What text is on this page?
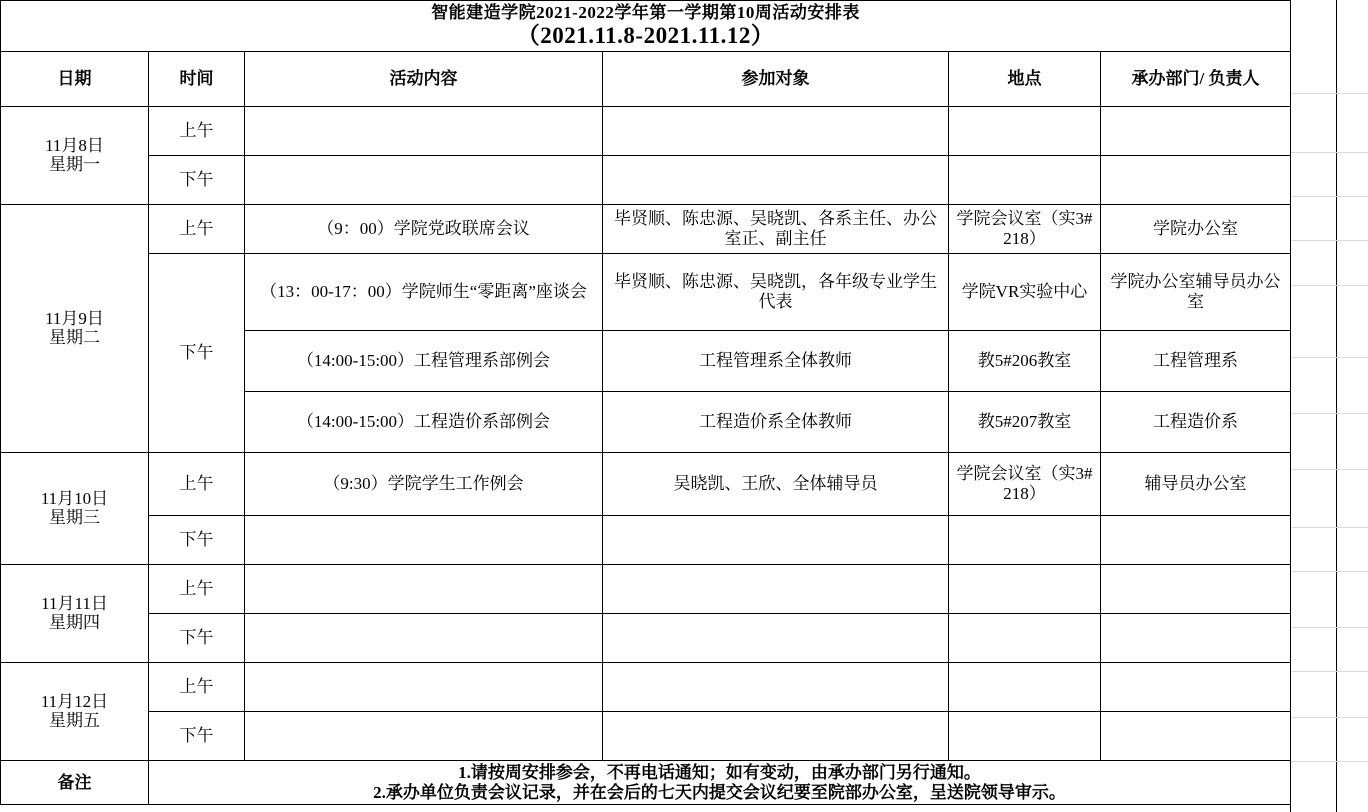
智能建造学院2021-2022学年第一学期第10周活动安排表
（2021.11.8-2021.11.12）					

日期	时间	活动内容	参加对象	地点	承办部门/ 负责人
11月8日
星期一	上午				
	下午				
11月9日
星期二	上午	（9：00）学院党政联席会议	毕贤顺、陈忠源、吴晓凯、各系主任、办公室正、副主任	学院会议室（实3#218）	学院办公室
	下午	（13：00-17：00）学院师生“零距离”座谈会	毕贤顺、陈忠源、吴晓凯，各年级专业学生代表	学院VR实验中心	学院办公室辅导员办公室
		（14:00-15:00）工程管理系部例会	工程管理系全体教师	教5#206教室	工程管理系
		（14:00-15:00）工程造价系部例会	工程造价系全体教师	教5#207教室	工程造价系
11月10日
星期三	上午	（9:30）学院学生工作例会	吴晓凯、王欣、全体辅导员	学院会议室（实3#218）	辅导员办公室
	下午				
11月11日
星期四	上午				
	下午				
11月12日
星期五	上午				
	下午				
备注	1.请按周安排参会，不再电话通知；如有变动，由承办部门另行通知。
2.承办单位负责会议记录，并在会后的七天内提交会议纪要至院部办公室，呈送院领导审示。				
